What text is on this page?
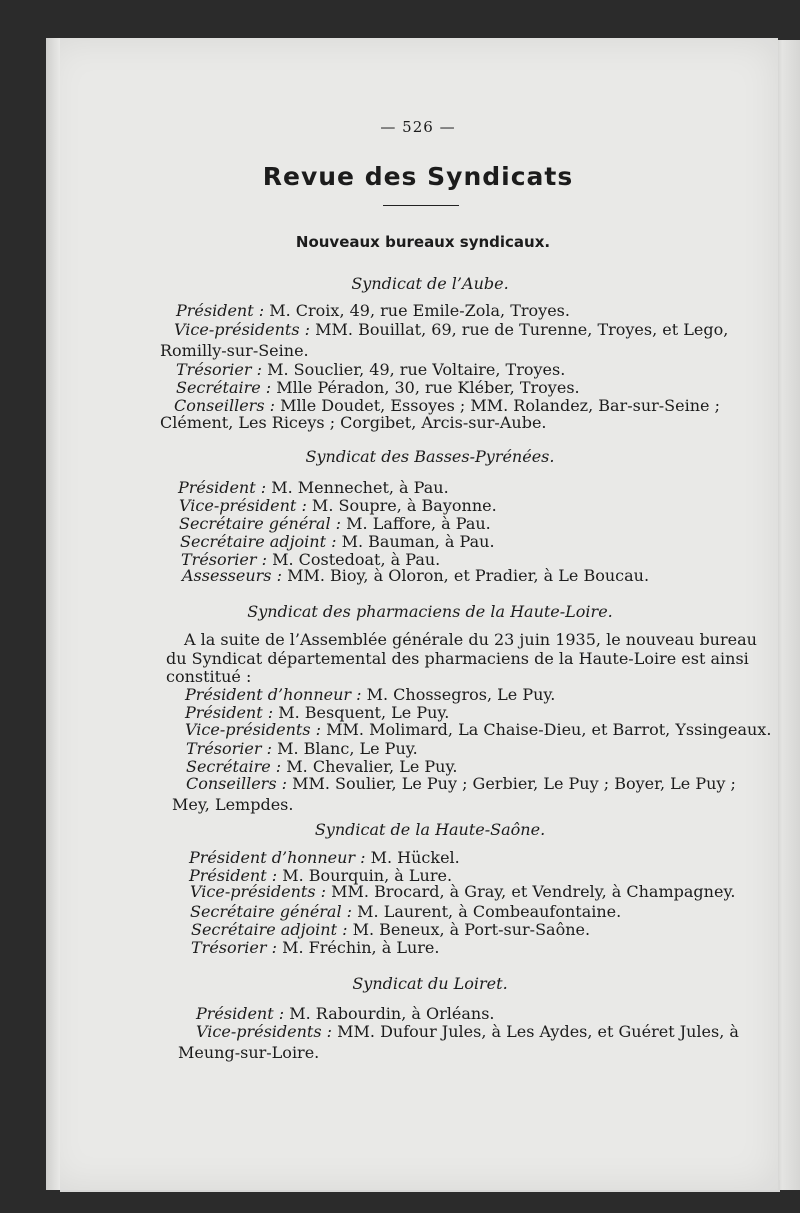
— 526 —
Revue des Syndicats
Nouveaux bureaux syndicaux.
Syndicat de l’Aube.
Président : M. Croix, 49, rue Emile-Zola, Troyes.
Vice-présidents : MM. Bouillat, 69, rue de Turenne, Troyes, et Lego,
Romilly-sur-Seine.
Trésorier : M. Souclier, 49, rue Voltaire, Troyes.
Secrétaire : Mlle Péradon, 30, rue Kléber, Troyes.
Conseillers : Mlle Doudet, Essoyes ; MM. Rolandez, Bar-sur-Seine ;
Clément, Les Riceys ; Corgibet, Arcis-sur-Aube.
Syndicat des Basses-Pyrénées.
Président : M. Mennechet, à Pau.
Vice-président : M. Soupre, à Bayonne.
Secrétaire général : M. Laffore, à Pau.
Secrétaire adjoint : M. Bauman, à Pau.
Trésorier : M. Costedoat, à Pau.
Assesseurs : MM. Bioy, à Oloron, et Pradier, à Le Boucau.
Syndicat des pharmaciens de la Haute-Loire.
A la suite de l’Assemblée générale du 23 juin 1935, le nouveau bureau
du Syndicat départemental des pharmaciens de la Haute-Loire est ainsi
constitué :
Président d’honneur : M. Chossegros, Le Puy.
Président : M. Besquent, Le Puy.
Vice-présidents : MM. Molimard, La Chaise-Dieu, et Barrot, Yssingeaux.
Trésorier : M. Blanc, Le Puy.
Secrétaire : M. Chevalier, Le Puy.
Conseillers : MM. Soulier, Le Puy ; Gerbier, Le Puy ; Boyer, Le Puy ;
Mey, Lempdes.
Syndicat de la Haute-Saône.
Président d’honneur : M. Hückel.
Président : M. Bourquin, à Lure.
Vice-présidents : MM. Brocard, à Gray, et Vendrely, à Champagney.
Secrétaire général : M. Laurent, à Combeaufontaine.
Secrétaire adjoint : M. Beneux, à Port-sur-Saône.
Trésorier : M. Fréchin, à Lure.
Syndicat du Loiret.
Président : M. Rabourdin, à Orléans.
Vice-présidents : MM. Dufour Jules, à Les Aydes, et Guéret Jules, à
Meung-sur-Loire.
